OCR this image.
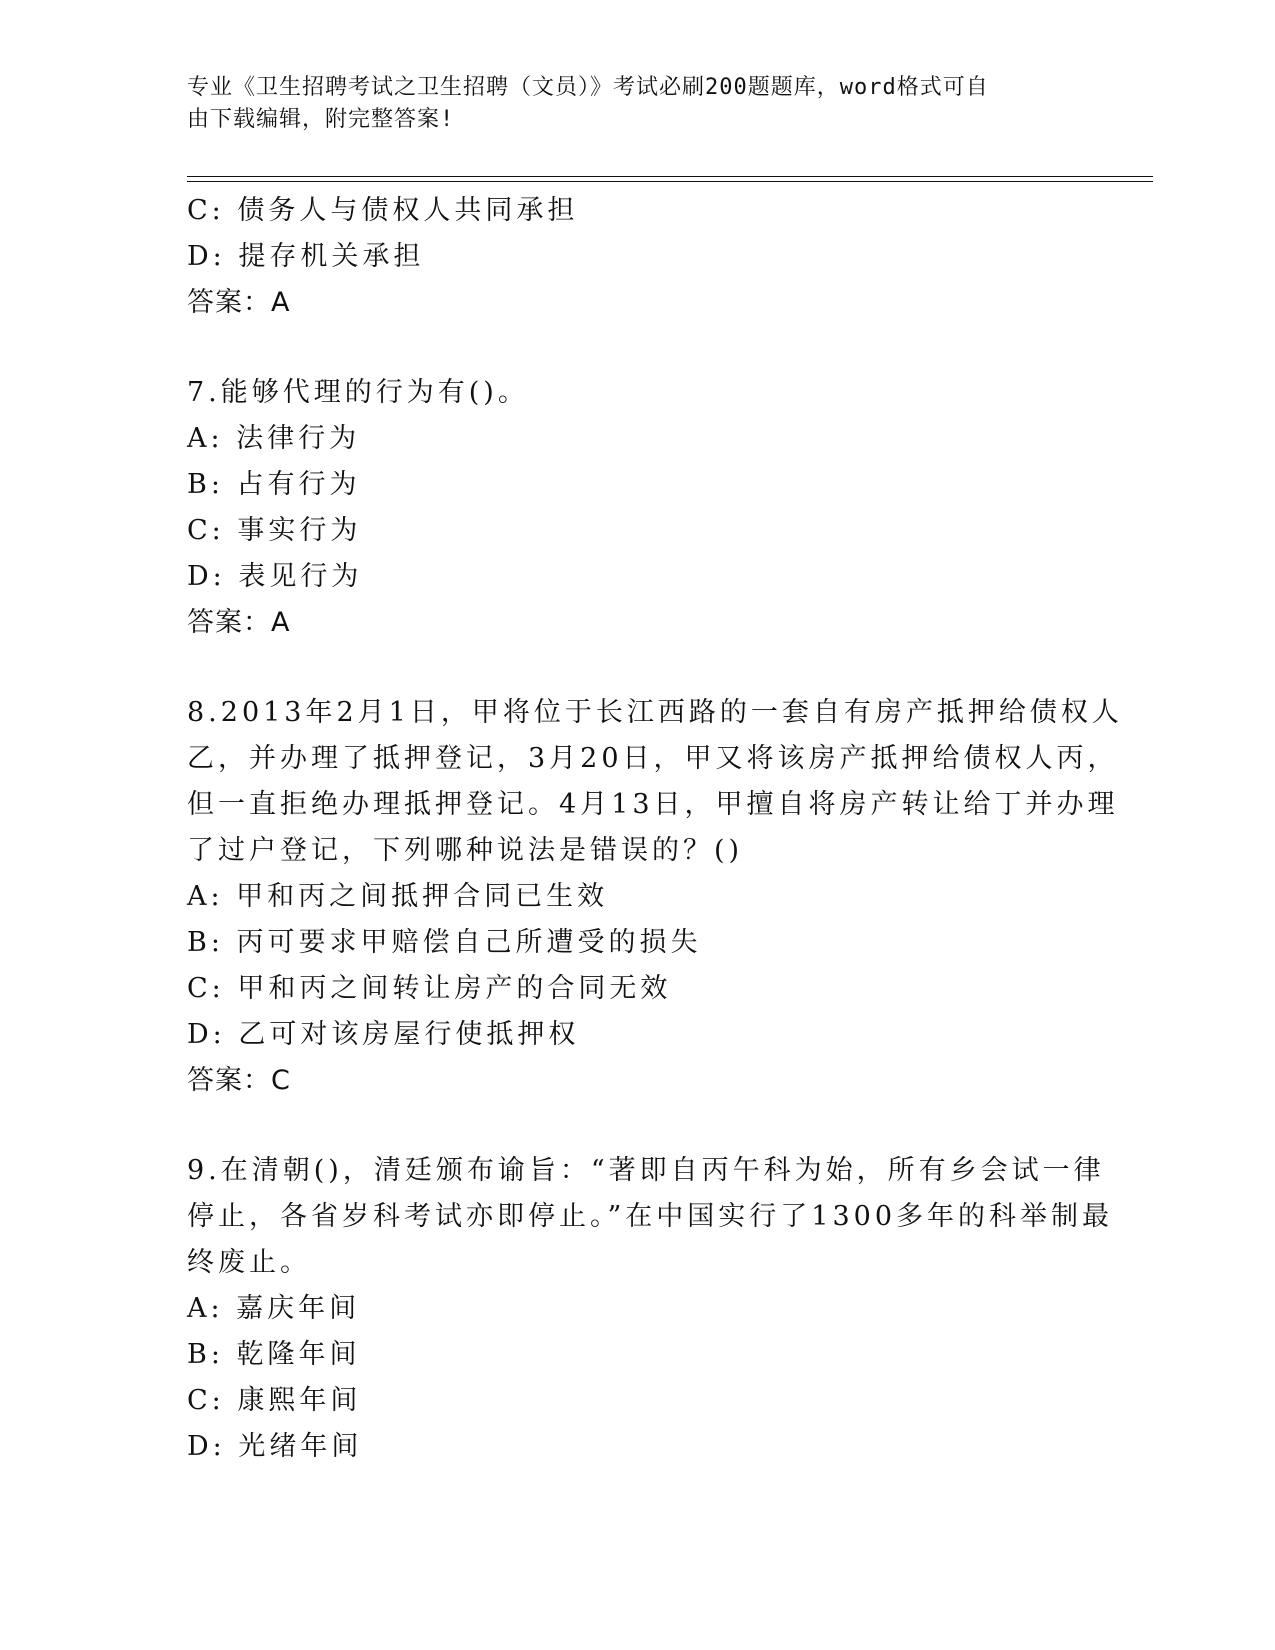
专业《卫生招聘考试之卫生招聘（文员）》考试必刷200题题库，word格式可自
由下载编辑，附完整答案!
C: 债务人与债权人共同承担
D: 提存机关承担
答案：A
7.能够代理的行为有()。
A: 法律行为
B: 占有行为
C: 事实行为
D: 表见行为
答案：A
8.2013年2月1日，甲将位于长江西路的一套自有房产抵押给债权人
乙，并办理了抵押登记，3月20日，甲又将该房产抵押给债权人丙，
但一直拒绝办理抵押登记。4月13日，甲擅自将房产转让给丁并办理
了过户登记，下列哪种说法是错误的？()
A: 甲和丙之间抵押合同已生效
B: 丙可要求甲赔偿自己所遭受的损失
C: 甲和丙之间转让房产的合同无效
D: 乙可对该房屋行使抵押权
答案：C
9.在清朝()，清廷颁布谕旨：“著即自丙午科为始，所有乡会试一律
停止，各省岁科考试亦即停止。”在中国实行了1300多年的科举制最
终废止。
A: 嘉庆年间
B: 乾隆年间
C: 康熙年间
D: 光绪年间
